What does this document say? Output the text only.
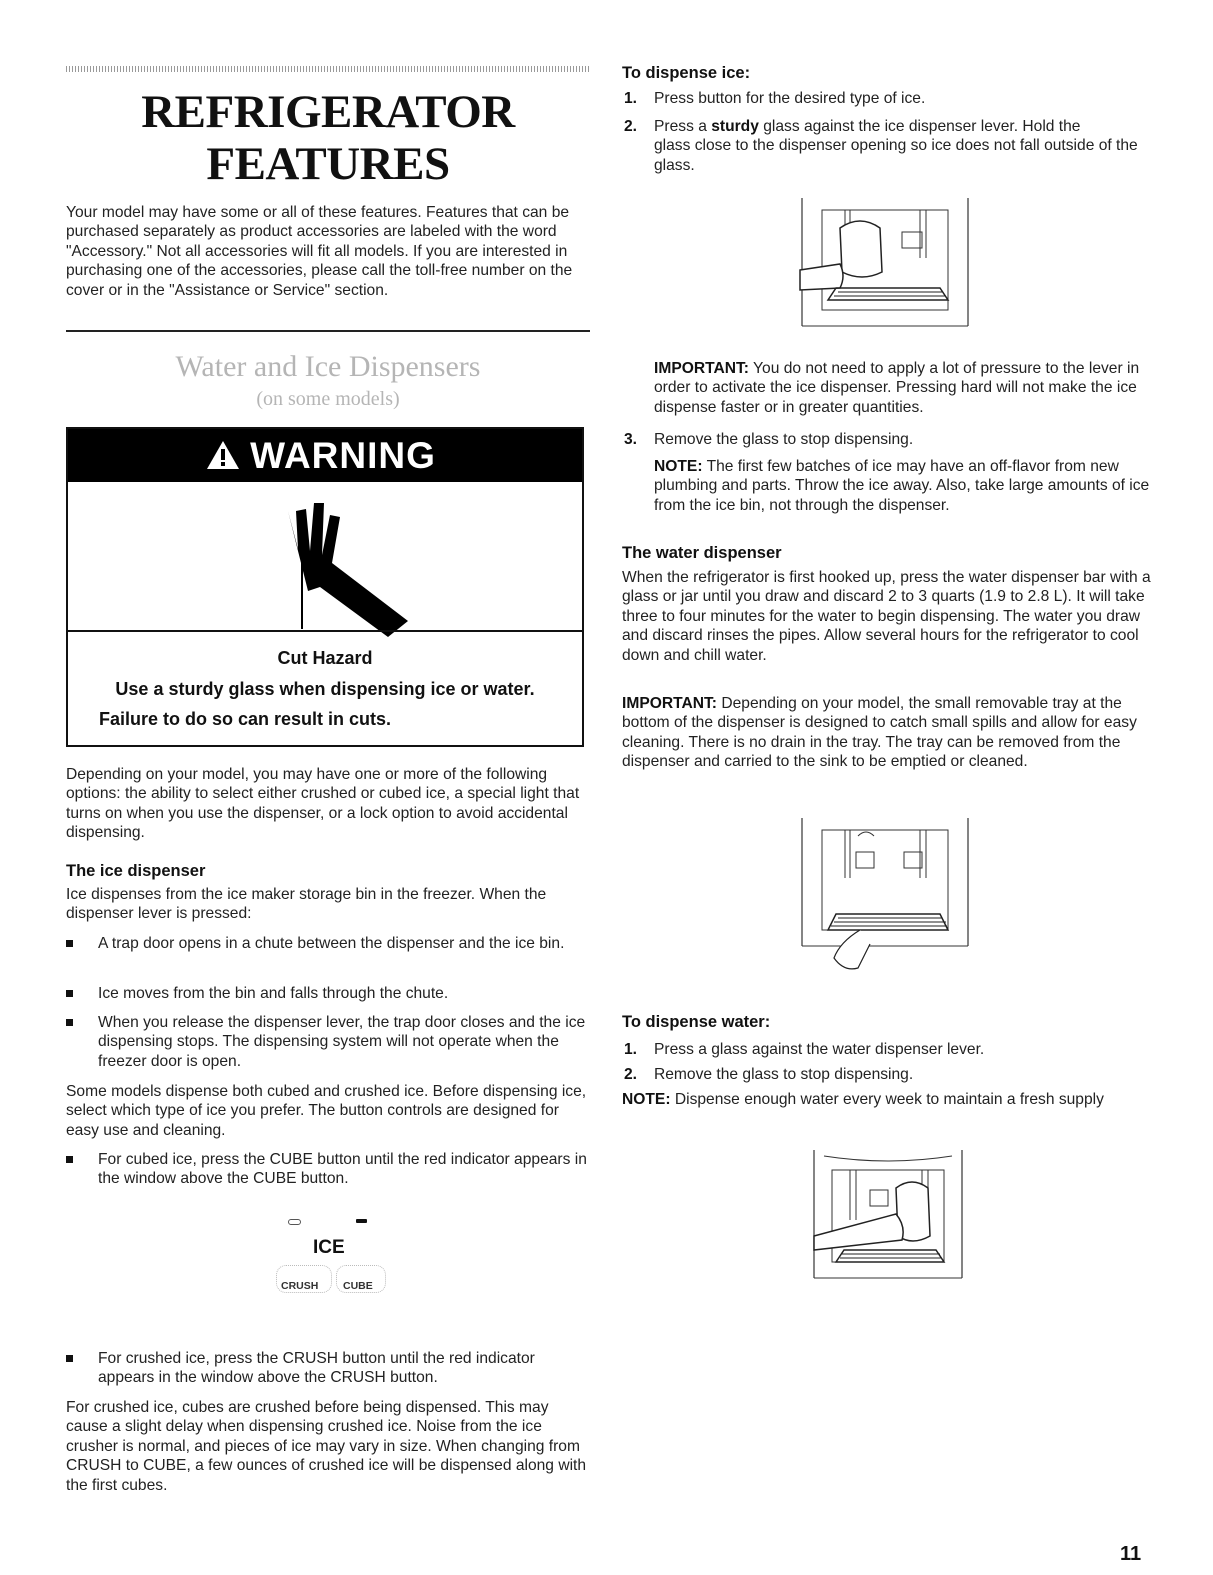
REFRIGERATOR
FEATURES

Your model may have some or all of these features. Features that can be purchased separately as product accessories are labeled with the word "Accessory." Not all accessories will fit all models. If you are interested in purchasing one of the accessories, please call the toll-free number on the cover or in the "Assistance or Service" section.

Water and Ice Dispensers
(on some models)
WARNING
Cut Hazard
Use a sturdy glass when dispensing ice or water.
Failure to do so can result in cuts.

Depending on your model, you may have one or more of the following options: the ability to select either crushed or cubed ice, a special light that turns on when you use the dispenser, or a lock option to avoid accidental dispensing.

The ice dispenser

Ice dispenses from the ice maker storage bin in the freezer. When the dispenser lever is pressed:

A trap door opens in a chute between the dispenser and the ice bin.
Ice moves from the bin and falls through the chute.
When you release the dispenser lever, the trap door closes and the ice dispensing stops. The dispensing system will not operate when the freezer door is open.

Some models dispense both cubed and crushed ice. Before dispensing ice, select which type of ice you prefer. The button controls are designed for easy use and cleaning.

For cubed ice, press the CUBE button until the red indicator appears in the window above the CUBE button.
ICE
CRUSH CUBE
For crushed ice, press the CRUSH button until the red indicator appears in the window above the CRUSH button.

For crushed ice, cubes are crushed before being dispensed. This may cause a slight delay when dispensing crushed ice. Noise from the ice crusher is normal, and pieces of ice may vary in size. When changing from CRUSH to CUBE, a few ounces of crushed ice will be dispensed along with the first cubes.

To dispense ice:
1. Press button for the desired type of ice.
2. Press a sturdy glass against the ice dispenser lever. Hold the
glass close to the dispenser opening so ice does not fall outside of the glass.

IMPORTANT: You do not need to apply a lot of pressure to the lever in order to activate the ice dispenser. Pressing hard will not make the ice dispense faster or in greater quantities.

3. Remove the glass to stop dispensing.

NOTE: The first few batches of ice may have an off-flavor from new plumbing and parts. Throw the ice away. Also, take large amounts of ice from the ice bin, not through the dispenser.

The water dispenser

When the refrigerator is first hooked up, press the water dispenser bar with a glass or jar until you draw and discard 2 to 3 quarts (1.9 to 2.8 L). It will take three to four minutes for the water to begin dispensing. The water you draw and discard rinses the pipes. Allow several hours for the refrigerator to cool down and chill water.

IMPORTANT: Depending on your model, the small removable tray at the bottom of the dispenser is designed to catch small spills and allow for easy cleaning. There is no drain in the tray. The tray can be removed from the dispenser and carried to the sink to be emptied or cleaned.

To dispense water:
1. Press a glass against the water dispenser lever.
2. Remove the glass to stop dispensing.

NOTE: Dispense enough water every week to maintain a fresh supply

11
